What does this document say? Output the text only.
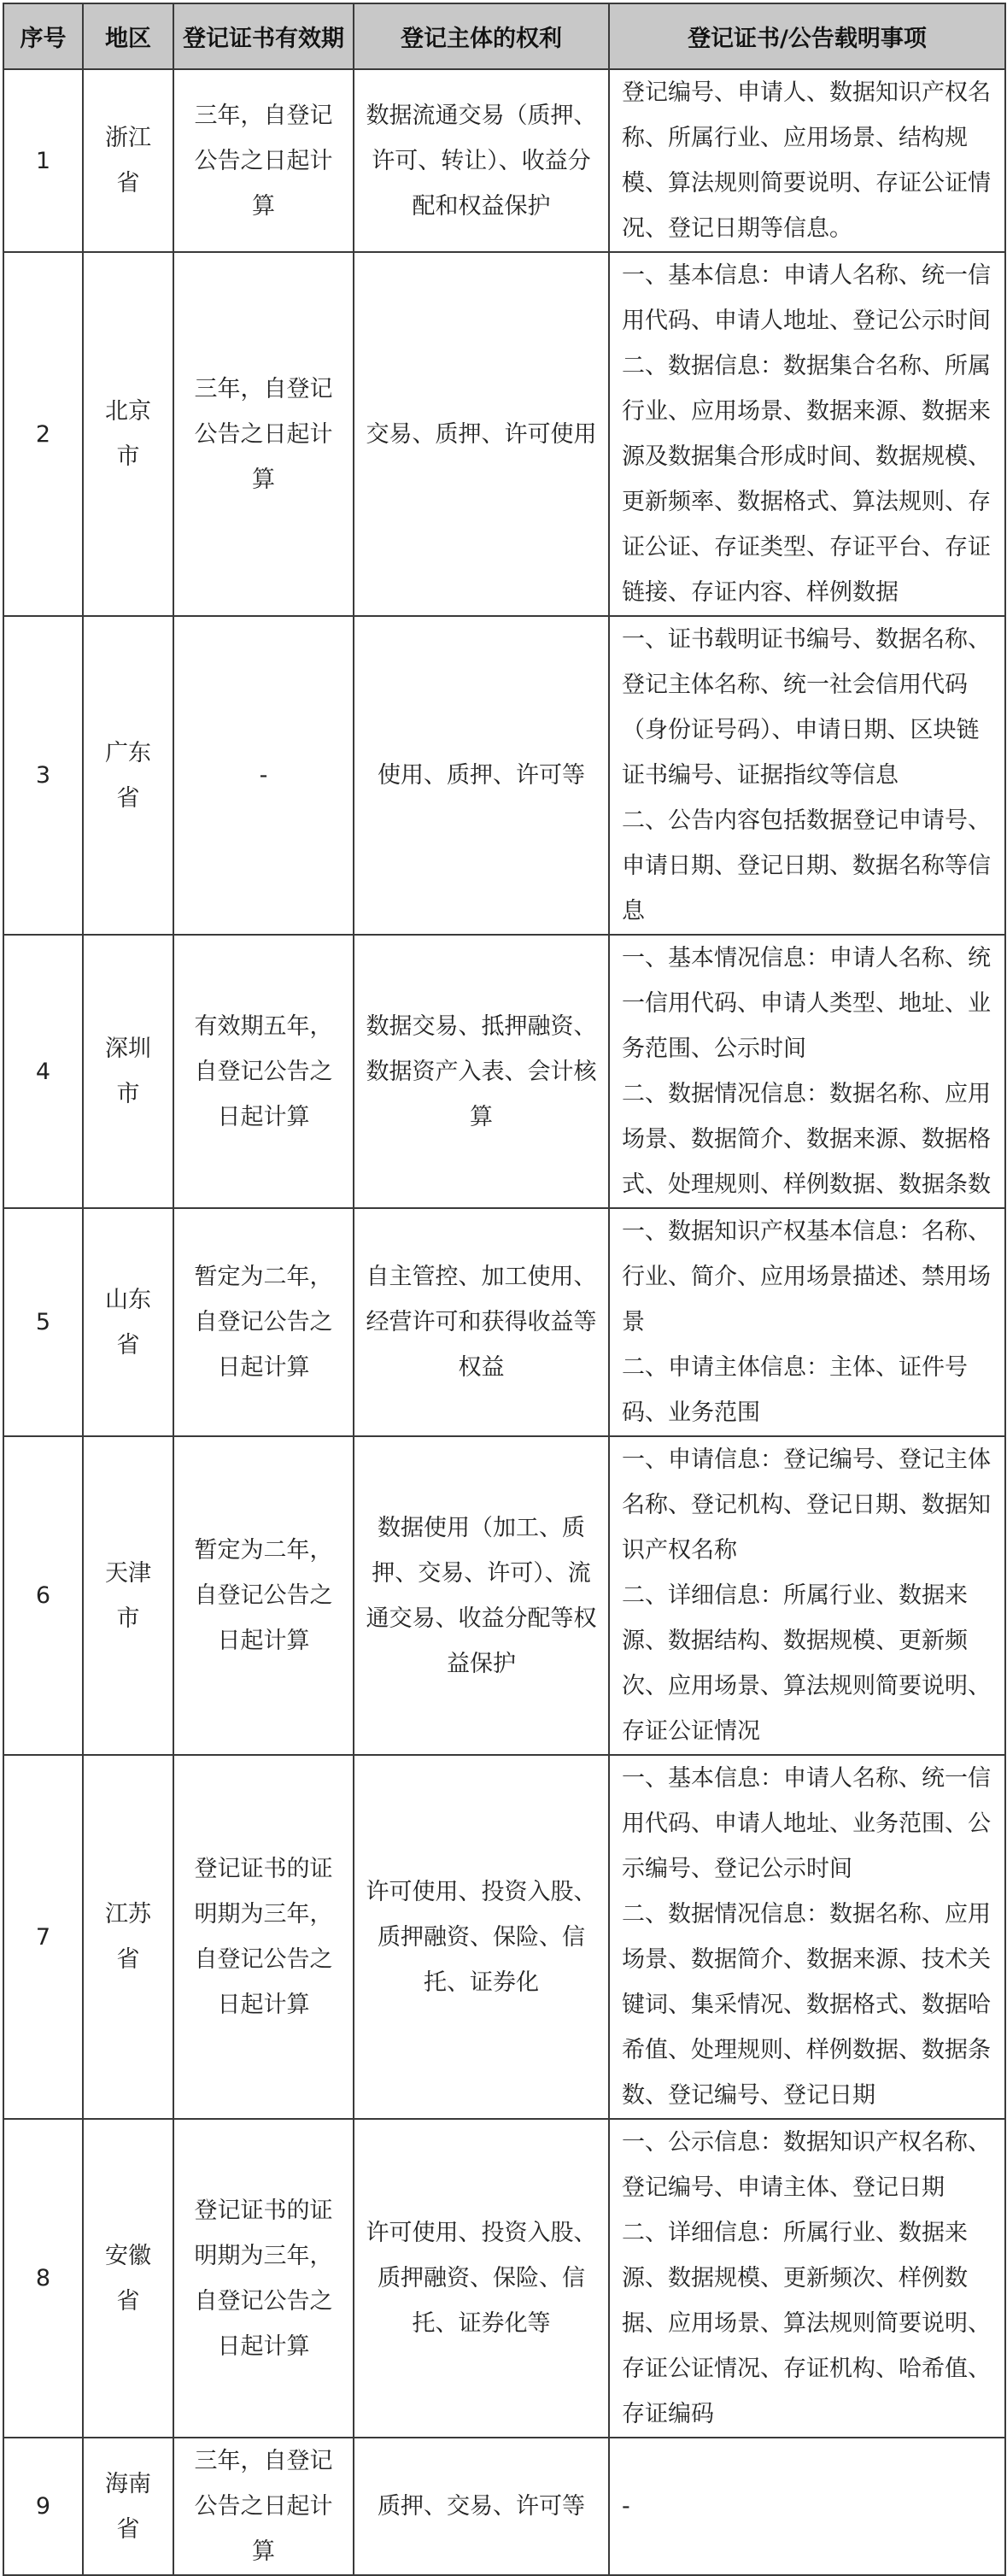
序号	地区	登记证书有效期	登记主体的权利	登记证书/公告载明事项
1	浙江省	三年，自登记公告之日起计算	数据流通交易（质押、许可、转让）、收益分配和权益保护	登记编号、申请人、数据知识产权名称、所属行业、应用场景、结构规模、算法规则简要说明、存证公证情况、登记日期等信息。
2	北京市	三年，自登记公告之日起计算	交易、质押、许可使用	一、基本信息：申请人名称、统一信用代码、申请人地址、登记公示时间
二、数据信息：数据集合名称、所属行业、应用场景、数据来源、数据来源及数据集合形成时间、数据规模、更新频率、数据格式、算法规则、存证公证、存证类型、存证平台、存证链接、存证内容、样例数据
3	广东省	-	使用、质押、许可等	一、证书载明证书编号、数据名称、登记主体名称、统一社会信用代码（身份证号码）、申请日期、区块链证书编号、证据指纹等信息
二、公告内容包括数据登记申请号、申请日期、登记日期、数据名称等信息
4	深圳市	有效期五年，自登记公告之日起计算	数据交易、抵押融资、数据资产入表、会计核算	一、基本情况信息：申请人名称、统一信用代码、申请人类型、地址、业务范围、公示时间
二、数据情况信息：数据名称、应用场景、数据简介、数据来源、数据格式、处理规则、样例数据、数据条数
5	山东省	暂定为二年，自登记公告之日起计算	自主管控、加工使用、经营许可和获得收益等权益	一、数据知识产权基本信息：名称、行业、简介、应用场景描述、禁用场景
二、申请主体信息：主体、证件号码、业务范围
6	天津市	暂定为二年，自登记公告之日起计算	数据使用（加工、质押、交易、许可）、流通交易、收益分配等权益保护	一、申请信息：登记编号、登记主体名称、登记机构、登记日期、数据知识产权名称
二、详细信息：所属行业、数据来源、数据结构、数据规模、更新频次、应用场景、算法规则简要说明、存证公证情况
7	江苏省	登记证书的证明期为三年，自登记公告之日起计算	许可使用、投资入股、质押融资、保险、信托、证券化	一、基本信息：申请人名称、统一信用代码、申请人地址、业务范围、公示编号、登记公示时间
二、数据情况信息：数据名称、应用场景、数据简介、数据来源、技术关键词、集采情况、数据格式、数据哈希值、处理规则、样例数据、数据条数、登记编号、登记日期
8	安徽省	登记证书的证明期为三年，自登记公告之日起计算	许可使用、投资入股、质押融资、保险、信托、证券化等	一、公示信息：数据知识产权名称、登记编号、申请主体、登记日期
二、详细信息：所属行业、数据来源、数据规模、更新频次、样例数据、应用场景、算法规则简要说明、存证公证情况、存证机构、哈希值、存证编码
9	海南省	三年，自登记公告之日起计算	质押、交易、许可等	-
